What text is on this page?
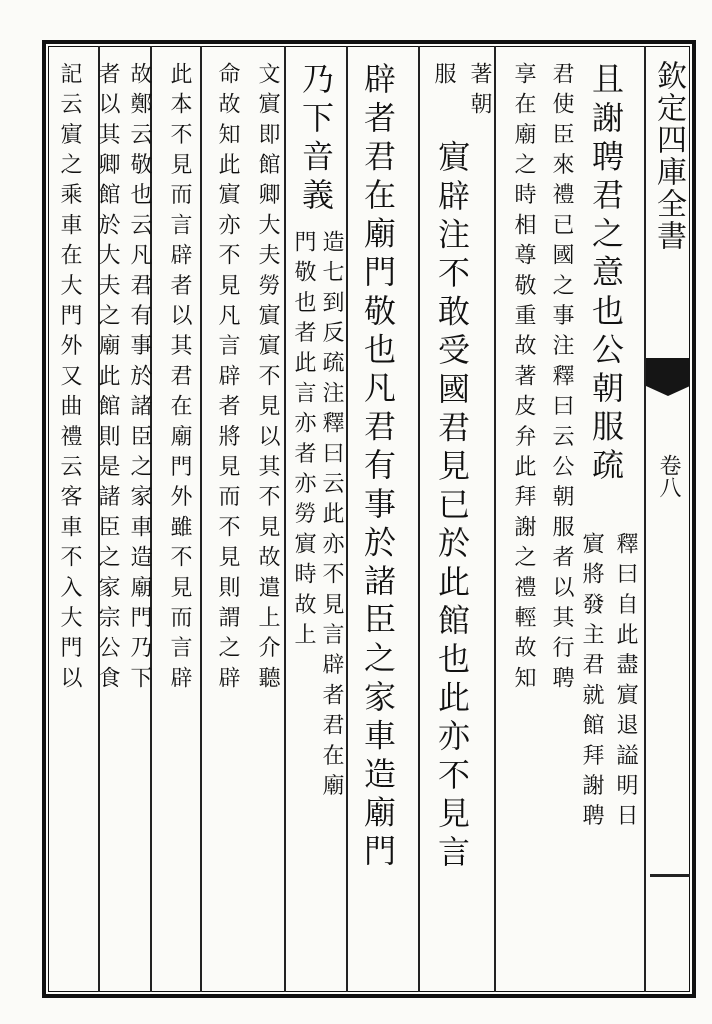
欽定四庫全書
卷八
且謝聘君之意也公朝服疏
釋曰自此盡賔退謚明日
君使臣來禮已國之事注釋曰云公朝服者以其行聘 賔將發主君就館拜謝聘
享在廟之時相尊敬重故著皮弁此拜謝之禮輕故知
著朝
服
賔辟注不敢受國君見已於此館也此亦不見言
辟者君在廟門敬也凡君有事於諸臣之家車造廟門
乃下音義
造七到反疏注釋曰云此亦不見言辟者君在廟
門敬也者此言亦者亦勞賔時故上
文賔即館卿大夫勞賔賔不見以其不見故遣上介聽
命故知此賔亦不見凡言辟者將見而不見則謂之辟
此本不見而言辟者以其君在廟門外雖不見而言辟
故鄭云敬也云凡君有事於諸臣之家車造廟門乃下
者以其卿館於大夫之廟此館則是諸臣之家宗公食
記云賔之乘車在大門外又曲禮云客車不入大門以
